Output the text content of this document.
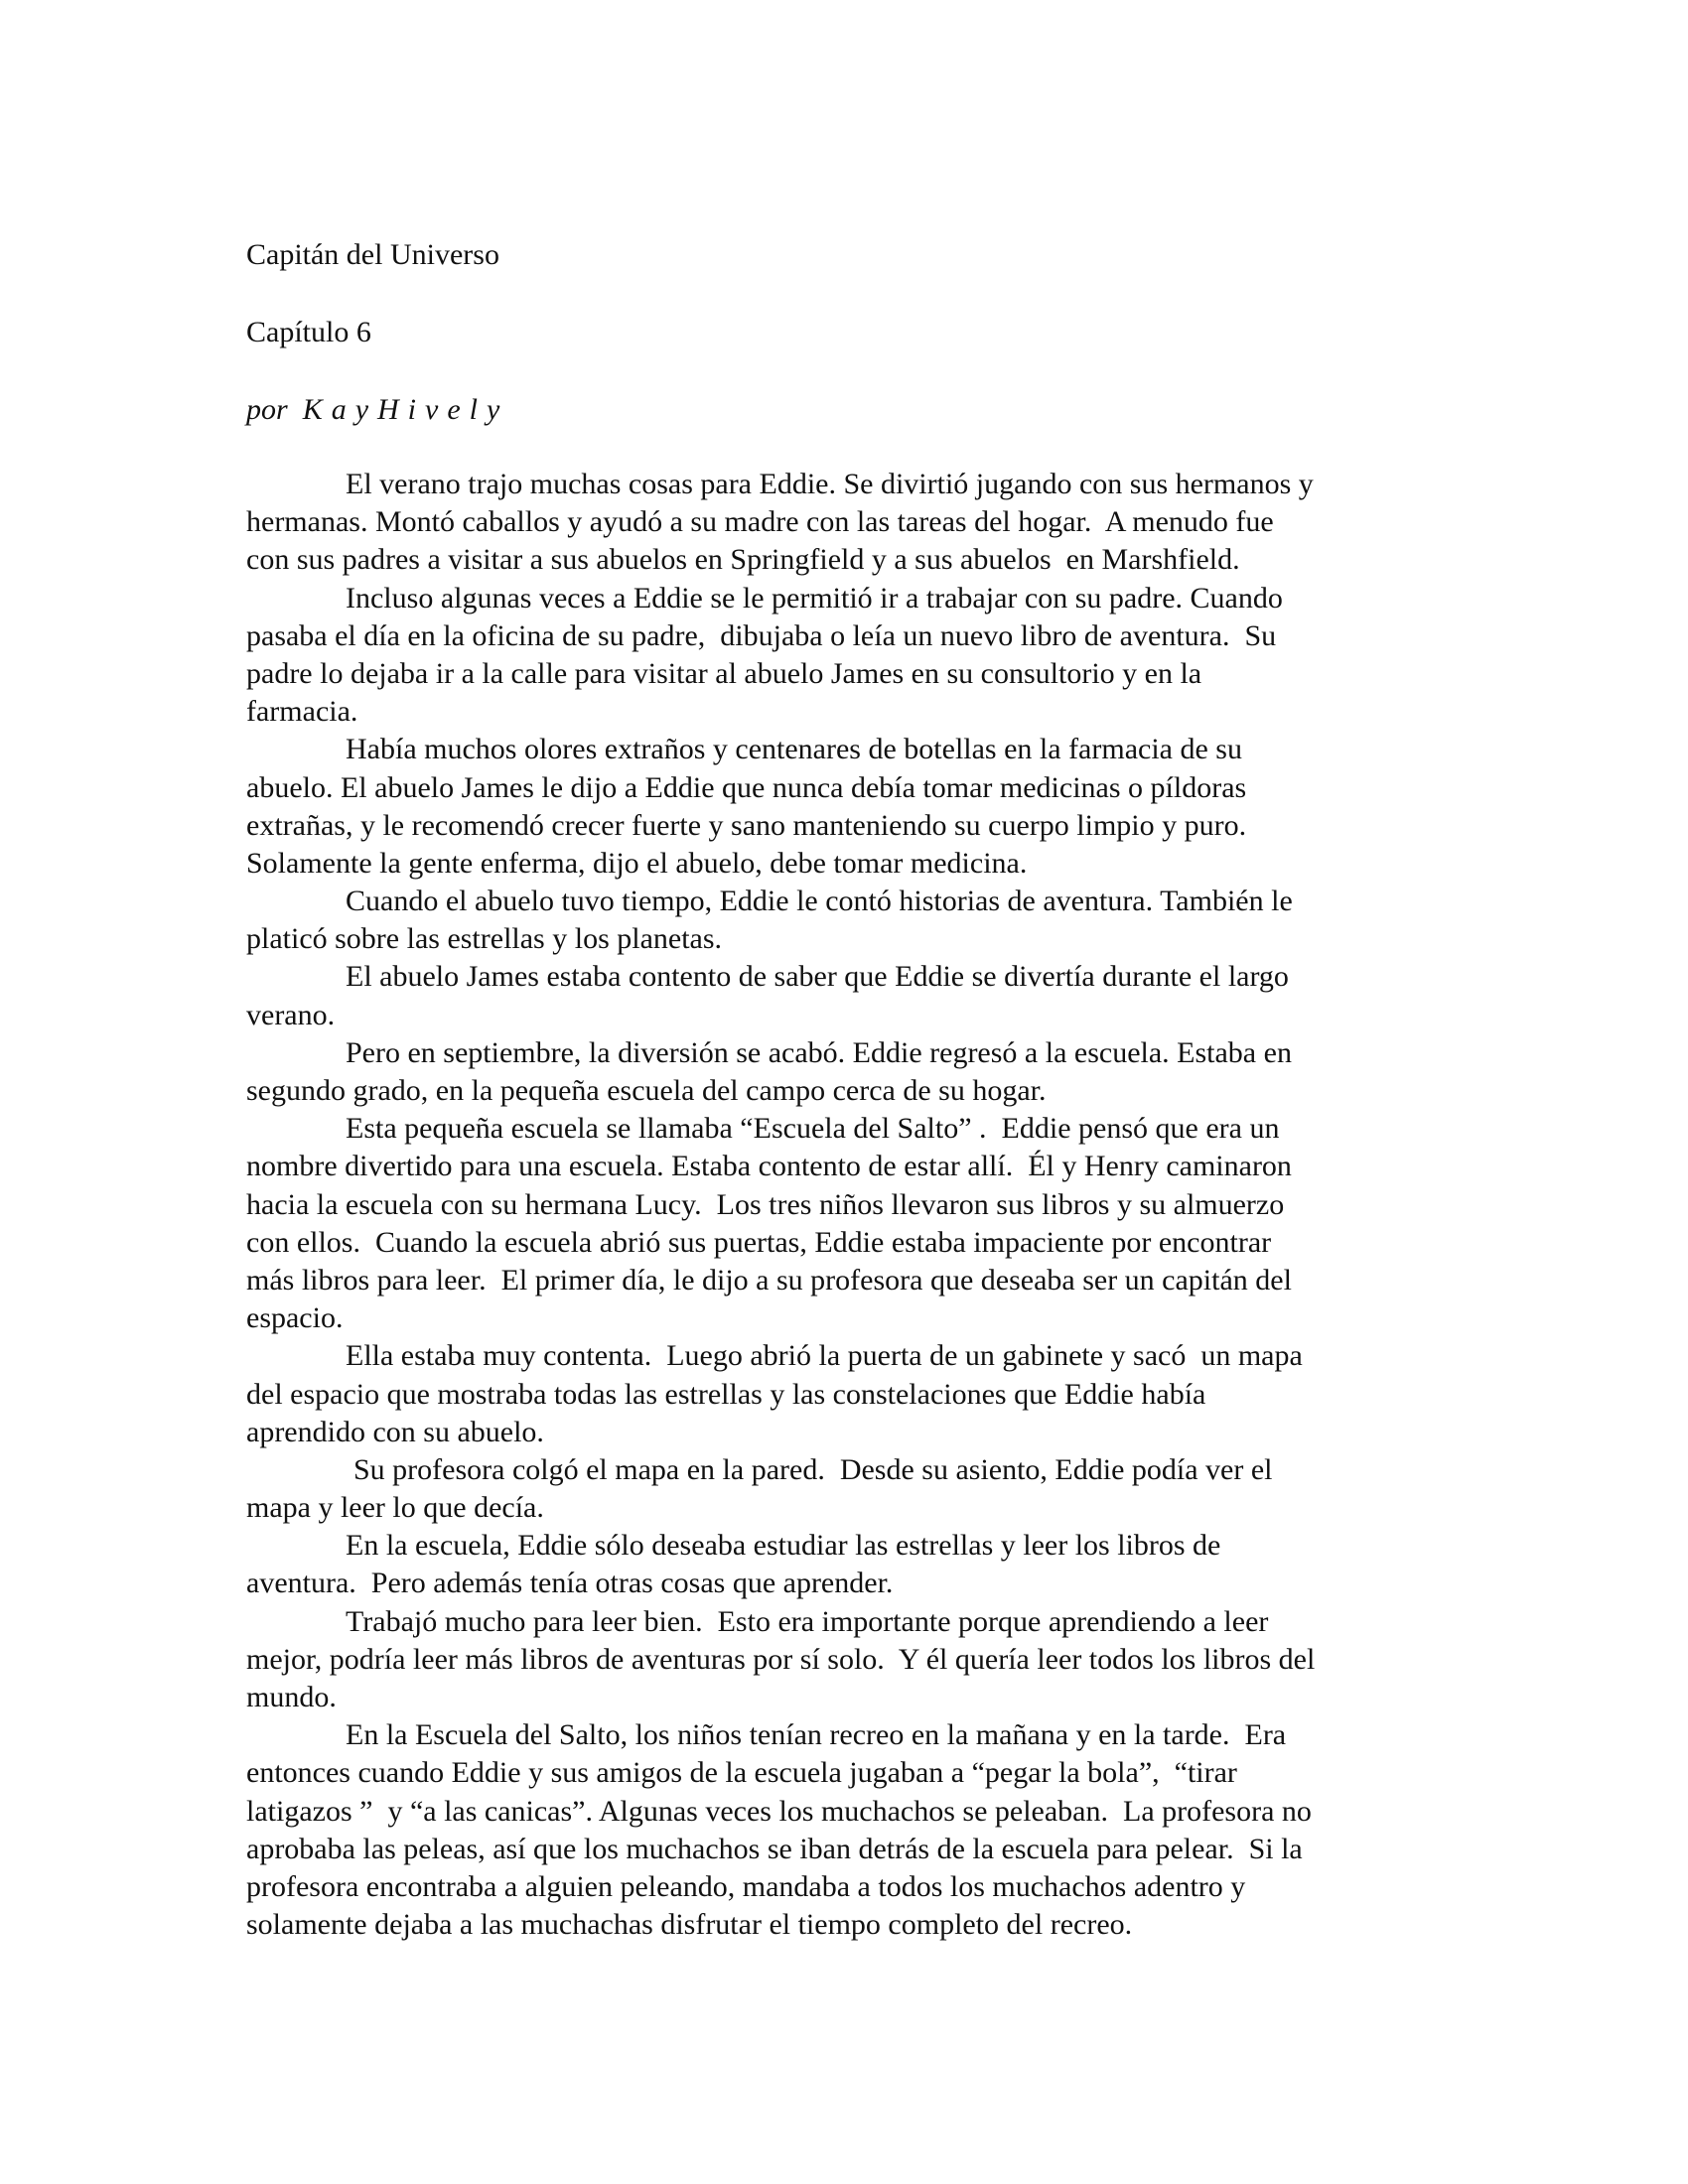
Capitán del Universo
Capítulo 6
por KayHively
El verano trajo muchas cosas para Eddie. Se divirtió jugando con sus hermanos y
hermanas. Montó caballos y ayudó a su madre con las tareas del hogar.  A menudo fue
con sus padres a visitar a sus abuelos en Springfield y a sus abuelos  en Marshfield.
Incluso algunas veces a Eddie se le permitió ir a trabajar con su padre. Cuando
pasaba el día en la oficina de su padre,  dibujaba o leía un nuevo libro de aventura.  Su
padre lo dejaba ir a la calle para visitar al abuelo James en su consultorio y en la
farmacia.
Había muchos olores extraños y centenares de botellas en la farmacia de su
abuelo. El abuelo James le dijo a Eddie que nunca debía tomar medicinas o píldoras
extrañas, y le recomendó crecer fuerte y sano manteniendo su cuerpo limpio y puro.
Solamente la gente enferma, dijo el abuelo, debe tomar medicina.
Cuando el abuelo tuvo tiempo, Eddie le contó historias de aventura. También le
platicó sobre las estrellas y los planetas.
El abuelo James estaba contento de saber que Eddie se divertía durante el largo
verano.
Pero en septiembre, la diversión se acabó. Eddie regresó a la escuela. Estaba en
segundo grado, en la pequeña escuela del campo cerca de su hogar.
Esta pequeña escuela se llamaba “Escuela del Salto” .  Eddie pensó que era un
nombre divertido para una escuela. Estaba contento de estar allí.  Él y Henry caminaron
hacia la escuela con su hermana Lucy.  Los tres niños llevaron sus libros y su almuerzo
con ellos.  Cuando la escuela abrió sus puertas, Eddie estaba impaciente por encontrar
más libros para leer.  El primer día, le dijo a su profesora que deseaba ser un capitán del
espacio.
Ella estaba muy contenta.  Luego abrió la puerta de un gabinete y sacó  un mapa
del espacio que mostraba todas las estrellas y las constelaciones que Eddie había
aprendido con su abuelo.
Su profesora colgó el mapa en la pared.  Desde su asiento, Eddie podía ver el
mapa y leer lo que decía.
En la escuela, Eddie sólo deseaba estudiar las estrellas y leer los libros de
aventura.  Pero además tenía otras cosas que aprender.
Trabajó mucho para leer bien.  Esto era importante porque aprendiendo a leer
mejor, podría leer más libros de aventuras por sí solo.  Y él quería leer todos los libros del
mundo.
En la Escuela del Salto, los niños tenían recreo en la mañana y en la tarde.  Era
entonces cuando Eddie y sus amigos de la escuela jugaban a “pegar la bola”,  “tirar
latigazos ”  y “a las canicas”. Algunas veces los muchachos se peleaban.  La profesora no
aprobaba las peleas, así que los muchachos se iban detrás de la escuela para pelear.  Si la
profesora encontraba a alguien peleando, mandaba a todos los muchachos adentro y
solamente dejaba a las muchachas disfrutar el tiempo completo del recreo.
